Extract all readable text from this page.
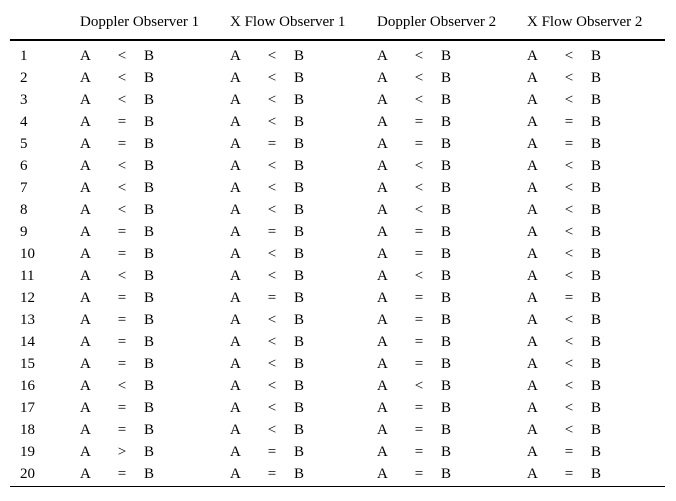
	Doppler Observer 1	X Flow Observer 1	Doppler Observer 2	X Flow Observer 2
1	A < B	A < B	A < B	A < B
2	A < B	A < B	A < B	A < B
3	A < B	A < B	A < B	A < B
4	A = B	A < B	A = B	A = B
5	A = B	A = B	A = B	A = B
6	A < B	A < B	A < B	A < B
7	A < B	A < B	A < B	A < B
8	A < B	A < B	A < B	A < B
9	A = B	A = B	A = B	A < B
10	A = B	A < B	A = B	A < B
11	A < B	A < B	A < B	A < B
12	A = B	A = B	A = B	A = B
13	A = B	A < B	A = B	A < B
14	A = B	A < B	A = B	A < B
15	A = B	A < B	A = B	A < B
16	A < B	A < B	A < B	A < B
17	A = B	A < B	A = B	A < B
18	A = B	A < B	A = B	A < B
19	A > B	A = B	A = B	A = B
20	A = B	A = B	A = B	A = B
